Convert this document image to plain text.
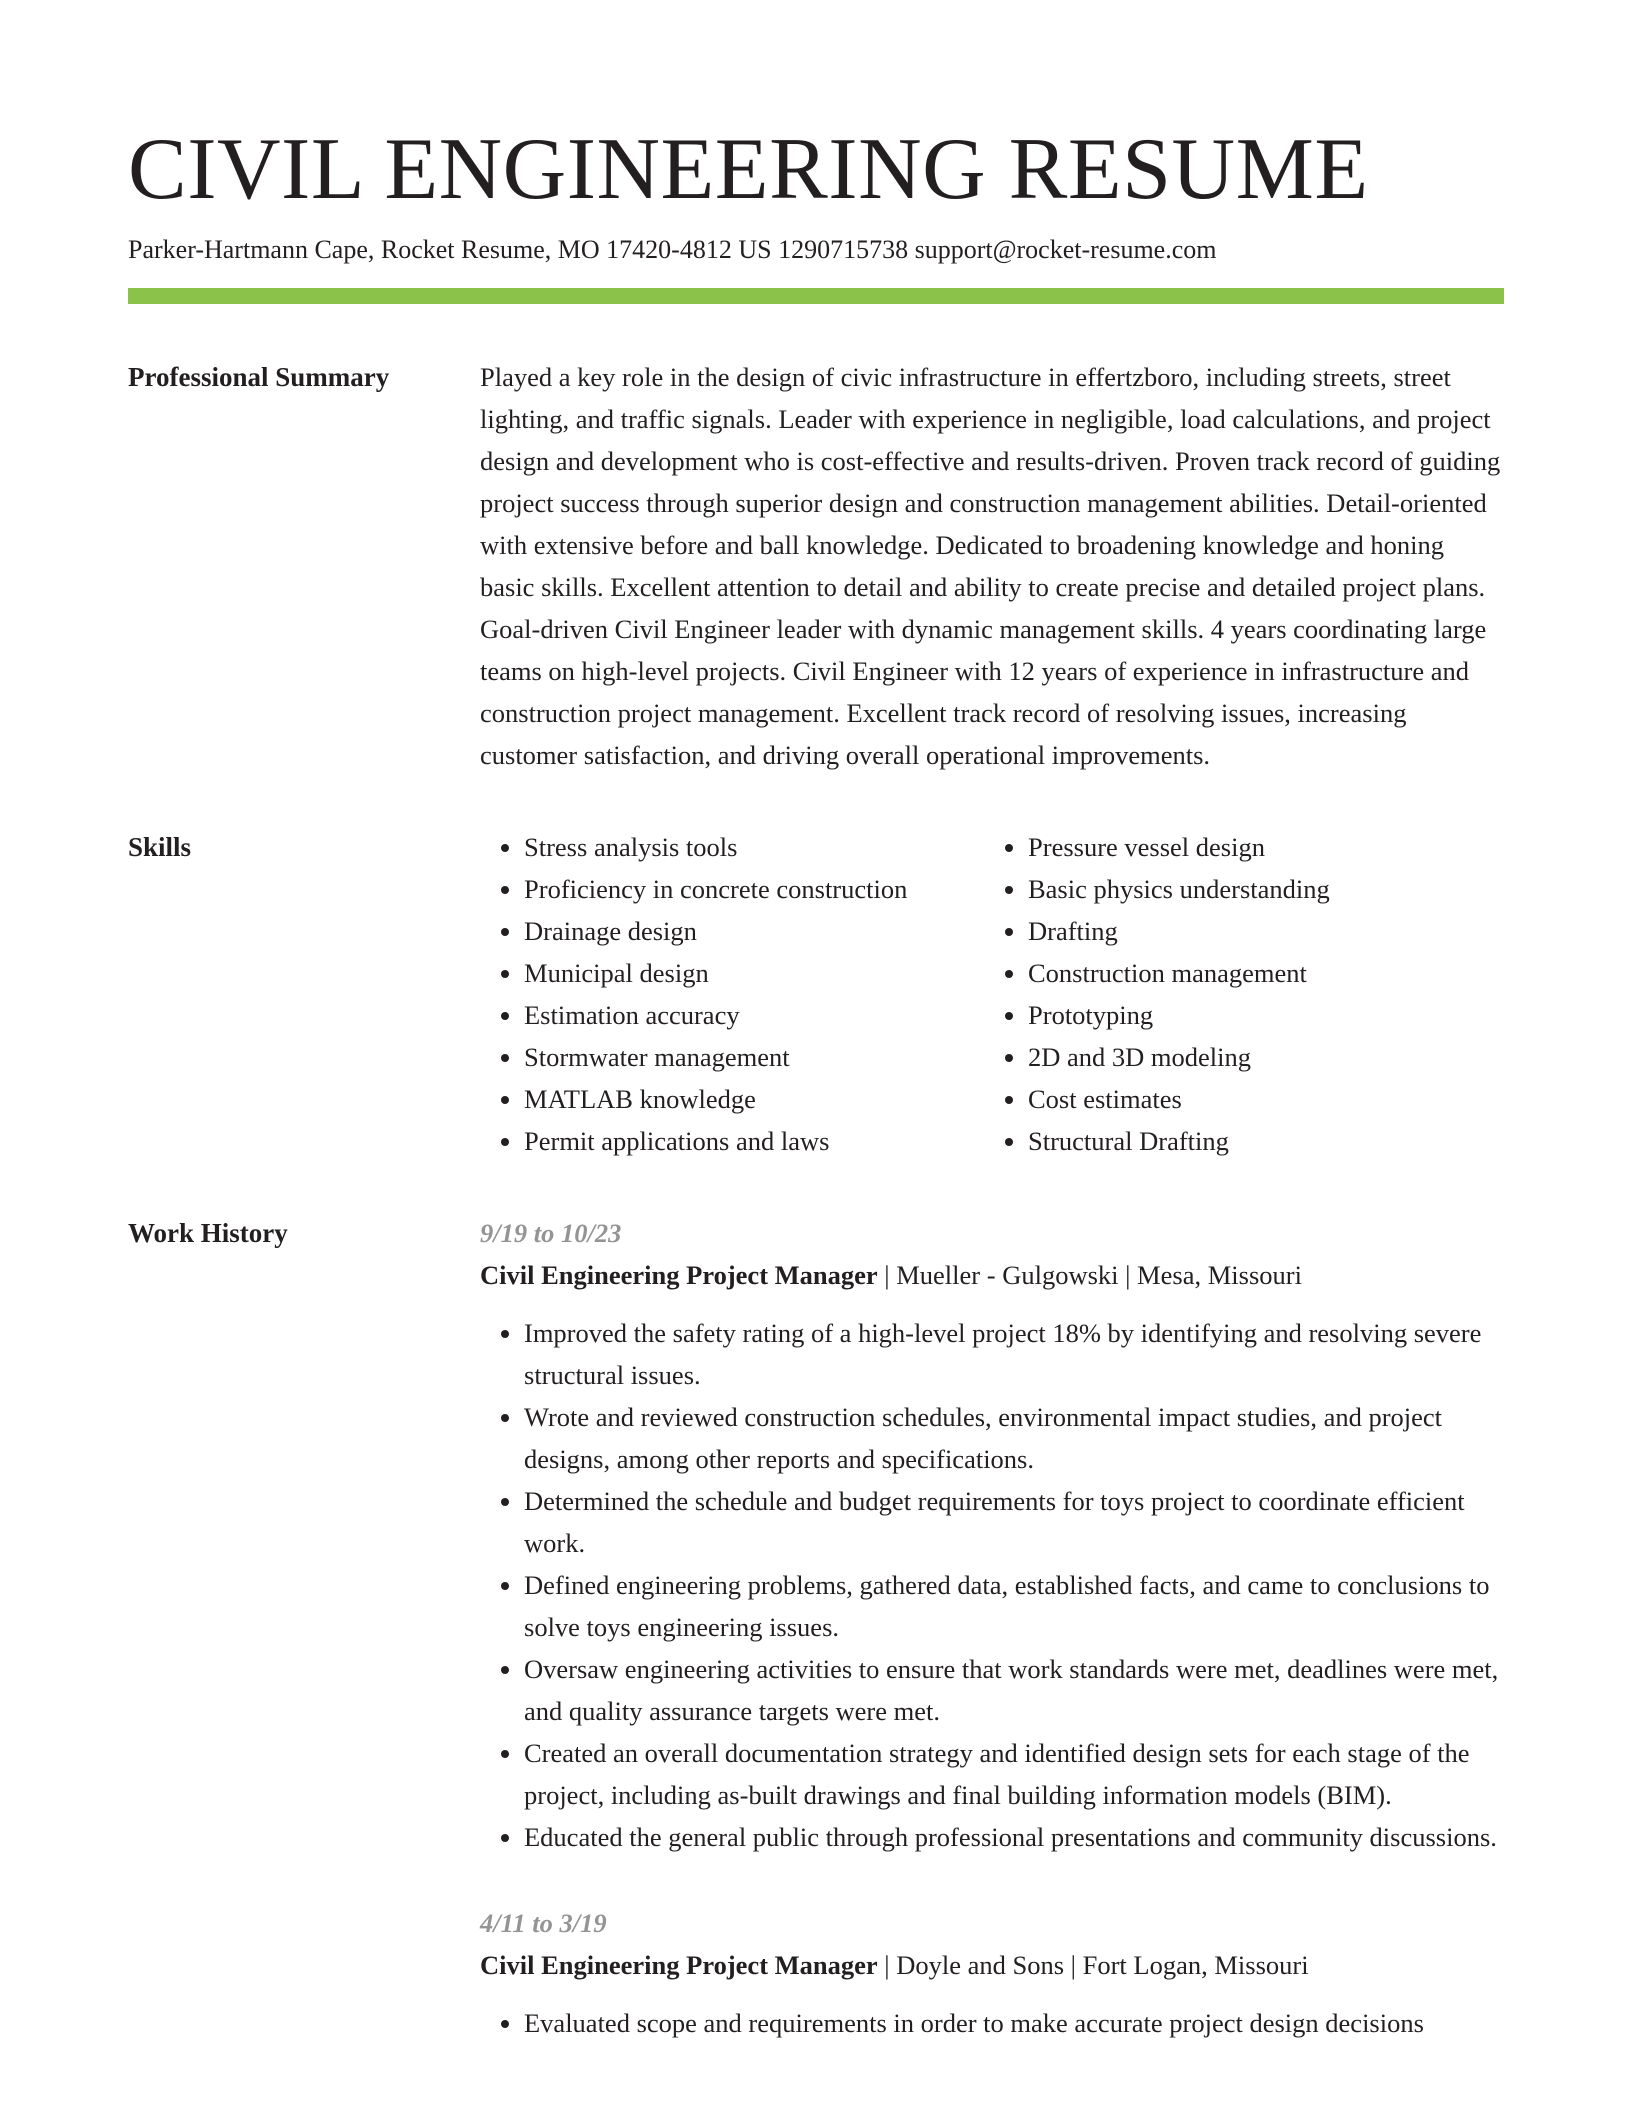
CIVIL ENGINEERING RESUME
Parker-Hartmann Cape, Rocket Resume, MO 17420-4812 US 1290715738 support@rocket-resume.com
Professional Summary	Played a key role in the design of civic infrastructure in effertzboro, including streets, street lighting, and traffic signals. Leader with experience in negligible, load calculations, and project design and development who is cost-effective and results-driven. Proven track record of guiding project success through superior design and construction management abilities. Detail-oriented with extensive before and ball knowledge. Dedicated to broadening knowledge and honing basic skills. Excellent attention to detail and ability to create precise and detailed project plans. Goal-driven Civil Engineer leader with dynamic management skills. 4 years coordinating large teams on high-level projects. Civil Engineer with 12 years of experience in infrastructure and construction project management. Excellent track record of resolving issues, increasing customer satisfaction, and driving overall operational improvements.

Skills
•	Stress analysis tools
• Proficiency in concrete construction
• Drainage design
• Municipal design
• Estimation accuracy
• Stormwater management
• MATLAB knowledge
• Permit applications and laws
• Pressure vessel design
• Basic physics understanding
• Drafting
• Construction management
• Prototyping
• 2D and 3D modeling
• Cost estimates
• Structural Drafting
Work History	9/19 to 10/23
Civil Engineering Project Manager | Mueller - Gulgowski | Mesa, Missouri
• Improved the safety rating of a high-level project 18% by identifying and resolving severe structural issues.
• Wrote and reviewed construction schedules, environmental impact studies, and project designs, among other reports and specifications.
• Determined the schedule and budget requirements for toys project to coordinate efficient work.
• Defined engineering problems, gathered data, established facts, and came to conclusions to solve toys engineering issues.
• Oversaw engineering activities to ensure that work standards were met, deadlines were met, and quality assurance targets were met.
• Created an overall documentation strategy and identified design sets for each stage of the project, including as-built drawings and final building information models (BIM).
• Educated the general public through professional presentations and community discussions.
4/11 to 3/19
Civil Engineering Project Manager | Doyle and Sons | Fort Logan, Missouri
• Evaluated scope and requirements in order to make accurate project design decisions
